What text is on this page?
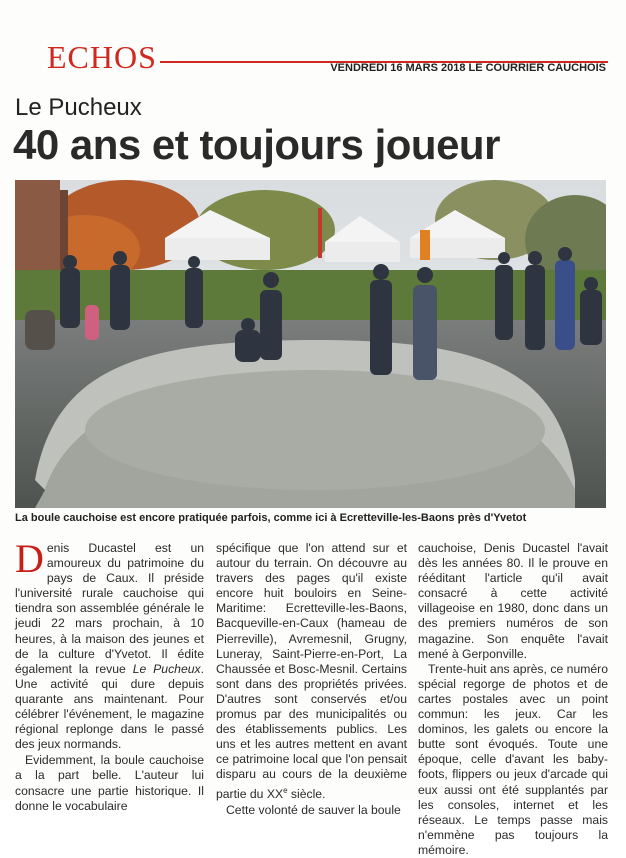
ECHOS	VENDREDI 16 MARS 2018 LE COURRIER CAUCHOIS
Le Pucheux
40 ans et toujours joueur
La boule cauchoise est encore pratiquée parfois, comme ici à Ecretteville-les-Baons près d'Yvetot

Denis Ducastel est un amoureux du patrimoine du pays de Caux. Il préside l'université rurale cauchoise qui tiendra son assemblée générale le jeudi 22 mars prochain, à 10 heures, à la maison des jeunes et de la culture d'Yvetot. Il édite également la revue Le Pucheux. Une activité qui dure depuis quarante ans maintenant. Pour célébrer l'événement, le magazine régional replonge dans le passé des jeux normands.

Evidemment, la boule cauchoise a la part belle. L'auteur lui consacre une partie historique. Il donne le vocabulaire

spécifique que l'on attend sur et autour du terrain. On découvre au travers des pages qu'il existe encore huit bouloirs en Seine-Maritime: Ecretteville-les-Baons, Bacqueville-en-Caux (hameau de Pierreville), Avremesnil, Grugny, Luneray, Saint-Pierre-en-Port, La Chaussée et Bosc-Mesnil. Certains sont dans des propriétés privées. D'autres sont conservés et/ou promus par des municipalités ou des établissements publics. Les uns et les autres mettent en avant ce patrimoine local que l'on pensait disparu au cours de la deuxième partie du XXe siècle.

Cette volonté de sauver la boule

cauchoise, Denis Ducastel l'avait dès les années 80. Il le prouve en rééditant l'article qu'il avait consacré à cette activité villageoise en 1980, donc dans un des premiers numéros de son magazine. Son enquête l'avait mené à Gerponville.

Trente-huit ans après, ce numéro spécial regorge de photos et de cartes postales avec un point commun: les jeux. Car les dominos, les galets ou encore la butte sont évoqués. Toute une époque, celle d'avant les baby-foots, flippers ou jeux d'arcade qui eux aussi ont été supplantés par les consoles, internet et les réseaux. Le temps passe mais n'emmène pas toujours la mémoire.
